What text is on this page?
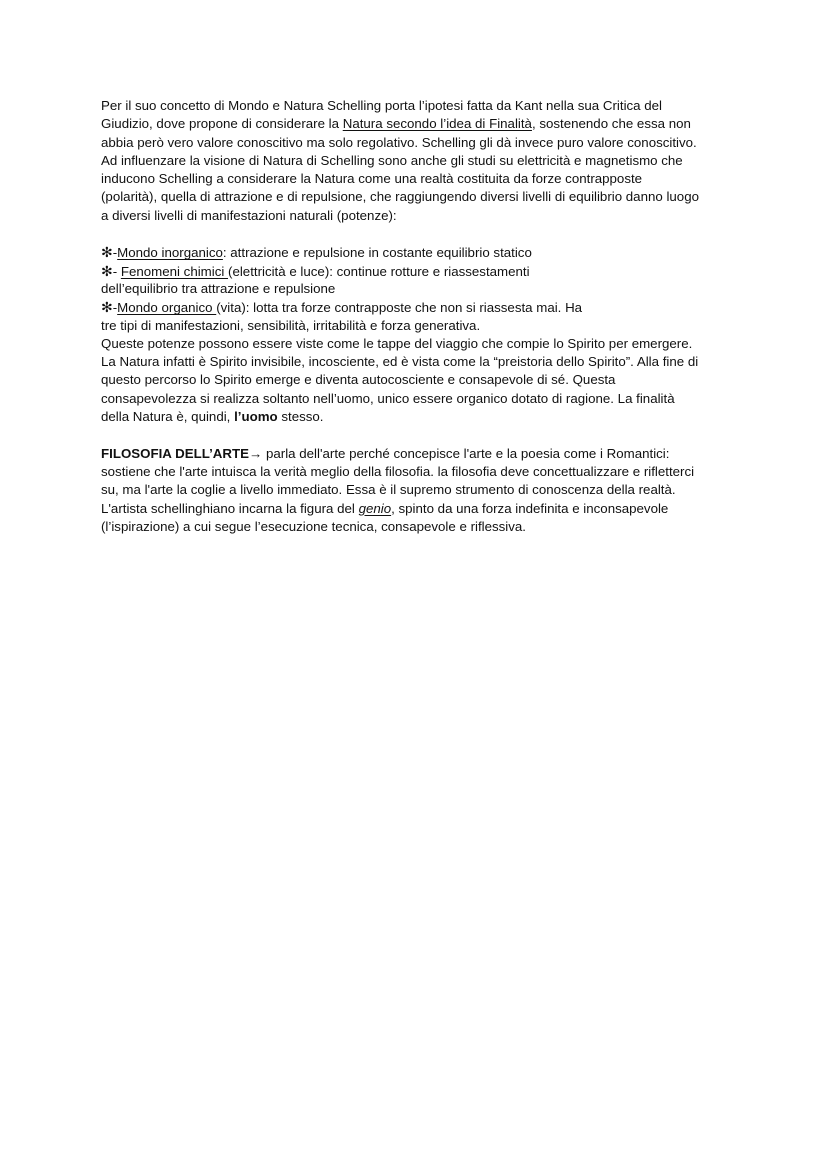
Per il suo concetto di Mondo e Natura Schelling porta l’ipotesi fatta da Kant nella sua Critica del
Giudizio, dove propone di considerare la Natura secondo l’idea di Finalità, sostenendo che essa non
abbia però vero valore conoscitivo ma solo regolativo. Schelling gli dà invece puro valore conoscitivo.
Ad influenzare la visione di Natura di Schelling sono anche gli studi su elettricità e magnetismo che
inducono Schelling a considerare la Natura come una realtà costituita da forze contrapposte
(polarità), quella di attrazione e di repulsione, che raggiungendo diversi livelli di equilibrio danno luogo
a diversi livelli di manifestazioni naturali (potenze):
✻-Mondo inorganico: attrazione e repulsione in costante equilibrio statico
✻- Fenomeni chimici (elettricità e luce): continue rotture e riassestamenti
dell’equilibrio tra attrazione e repulsione
✻-Mondo organico (vita): lotta tra forze contrapposte che non si riassesta mai. Ha
tre tipi di manifestazioni, sensibilità, irritabilità e forza generativa.
Queste potenze possono essere viste come le tappe del viaggio che compie lo Spirito per emergere.
La Natura infatti è Spirito invisibile, incosciente, ed è vista come la “preistoria dello Spirito”. Alla fine di
questo percorso lo Spirito emerge e diventa autocosciente e consapevole di sé. Questa
consapevolezza si realizza soltanto nell’uomo, unico essere organico dotato di ragione. La finalità
della Natura è, quindi, l’uomo stesso.
FILOSOFIA DELL’ARTE→ parla dell'arte perché concepisce l'arte e la poesia come i Romantici:
sostiene che l'arte intuisca la verità meglio della filosofia. la filosofia deve concettualizzare e rifletterci
su, ma l'arte la coglie a livello immediato. Essa è il supremo strumento di conoscenza della realtà.
L'artista schellinghiano incarna la figura del genio, spinto da una forza indefinita e inconsapevole
(l’ispirazione) a cui segue l’esecuzione tecnica, consapevole e riflessiva.
